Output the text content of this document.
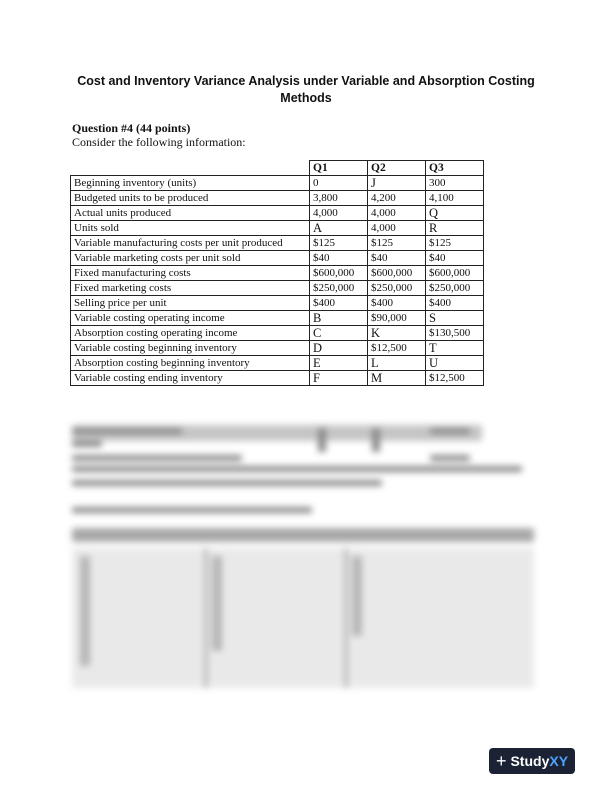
Cost and Inventory Variance Analysis under Variable and Absorption Costing
Methods
Question #4 (44 points)
Consider the following information:
	Q1	Q2	Q3
Beginning inventory (units)	0	J	300
Budgeted units to be produced	3,800	4,200	4,100
Actual units produced	4,000	4,000	Q
Units sold	A	4,000	R
Variable manufacturing costs per unit produced	$125	$125	$125
Variable marketing costs per unit sold	$40	$40	$40
Fixed manufacturing costs	$600,000	$600,000	$600,000
Fixed marketing costs	$250,000	$250,000	$250,000
Selling price per unit	$400	$400	$400
Variable costing operating income	B	$90,000	S
Absorption costing operating income	C	K	$130,500
Variable costing beginning inventory	D	$12,500	T
Absorption costing beginning inventory	E	L	U
Variable costing ending inventory	F	M	$12,500
+ StudyXY
